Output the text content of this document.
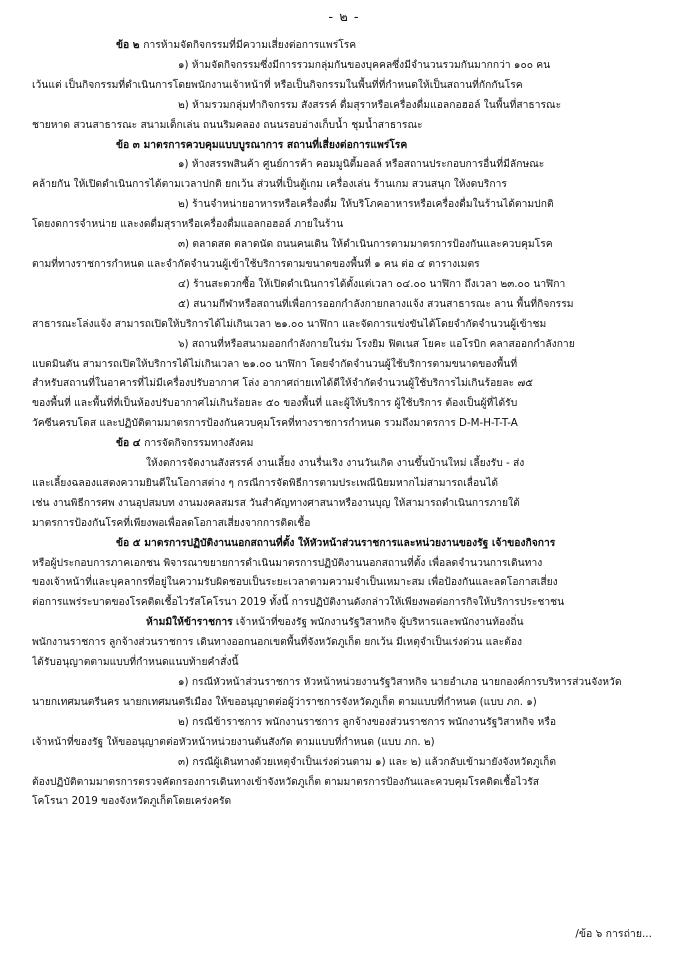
- ๒ -
ข้อ ๒ การห้ามจัดกิจกรรมที่มีความเสี่ยงต่อการแพร่โรค
๑) ห้ามจัดกิจกรรมซึ่งมีการรวมกลุ่มกันของบุคคลซึ่งมีจำนวนรวมกันมากกว่า ๑๐๐ คน
เว้นแต่ เป็นกิจกรรมที่ดำเนินการโดยพนักงานเจ้าหน้าที่ หรือเป็นกิจกรรมในพื้นที่ที่กำหนดให้เป็นสถานที่กักกันโรค
๒) ห้ามรวมกลุ่มทำกิจกรรม สังสรรค์ ดื่มสุราหรือเครื่องดื่มแอลกอฮอล์ ในพื้นที่สาธารณะ
ชายหาด สวนสาธารณะ สนามเด็กเล่น ถนนริมคลอง ถนนรอบอ่างเก็บน้ำ ชุมน้ำสาธารณะ
ข้อ ๓ มาตรการควบคุมแบบบูรณาการ สถานที่เสี่ยงต่อการแพร่โรค
๑) ห้างสรรพสินค้า ศูนย์การค้า คอมมูนิตี้มอลล์ หรือสถานประกอบการอื่นที่มีลักษณะ
คล้ายกัน ให้เปิดดำเนินการได้ตามเวลาปกติ ยกเว้น ส่วนที่เป็นตู้เกม เครื่องเล่น ร้านเกม สวนสนุก ให้งดบริการ
๒) ร้านจำหน่ายอาหารหรือเครื่องดื่ม ให้บริโภคอาหารหรือเครื่องดื่มในร้านได้ตามปกติ
โดยงดการจำหน่าย และงดดื่มสุราหรือเครื่องดื่มแอลกอฮอล์ ภายในร้าน
๓) ตลาดสด ตลาดนัด ถนนคนเดิน ให้ดำเนินการตามมาตรการป้องกันและควบคุมโรค
ตามที่ทางราชการกำหนด และจำกัดจำนวนผู้เข้าใช้บริการตามขนาดของพื้นที่ ๑ คน ต่อ ๔ ตารางเมตร
๔) ร้านสะดวกซื้อ ให้เปิดดำเนินการได้ตั้งแต่เวลา ๐๔.๐๐ นาฬิกา ถึงเวลา ๒๓.๐๐ นาฬิกา
๕) สนามกีฬาหรือสถานที่เพื่อการออกกำลังกายกลางแจ้ง สวนสาธารณะ ลาน พื้นที่กิจกรรม
สาธารณะโล่งแจ้ง สามารถเปิดให้บริการได้ไม่เกินเวลา ๒๑.๐๐ นาฬิกา และจัดการแข่งขันได้โดยจำกัดจำนวนผู้เข้าชม
๖) สถานที่หรือสนามออกกำลังกายในร่ม โรงยิม ฟิตเนส โยคะ แอโรบิก คลาสออกกำลังกาย
แบดมินตัน สามารถเปิดให้บริการได้ไม่เกินเวลา ๒๑.๐๐ นาฬิกา โดยจำกัดจำนวนผู้ใช้บริการตามขนาดของพื้นที่
สำหรับสถานที่ในอาคารที่ไม่มีเครื่องปรับอากาศ โล่ง อากาศถ่ายเทได้ดีให้จำกัดจำนวนผู้ใช้บริการไม่เกินร้อยละ ๗๕
ของพื้นที่ และพื้นที่ที่เป็นห้องปรับอากาศไม่เกินร้อยละ ๕๐ ของพื้นที่ และผู้ให้บริการ ผู้ใช้บริการ ต้องเป็นผู้ที่ได้รับ
วัคซีนครบโดส และปฏิบัติตามมาตรการป้องกันควบคุมโรคที่ทางราชการกำหนด รวมถึงมาตรการ D-M-H-T-T-A
ข้อ ๔ การจัดกิจกรรมทางสังคม
ให้งดการจัดงานสังสรรค์ งานเลี้ยง งานรื่นเริง งานวันเกิด งานขึ้นบ้านใหม่ เลี้ยงรับ - ส่ง
และเลี้ยงฉลองแสดงความยินดีในโอกาสต่าง ๆ กรณีการจัดพิธีการตามประเพณีนิยมหากไม่สามารถเลื่อนได้
เช่น งานพิธีการศพ งานอุปสมบท งานมงคลสมรส วันสำคัญทางศาสนาหรืองานบุญ ให้สามารถดำเนินการภายใต้
มาตรการป้องกันโรคที่เพียงพอเพื่อลดโอกาสเสี่ยงจากการติดเชื้อ
ข้อ ๕ มาตรการปฏิบัติงานนอกสถานที่ตั้ง ให้หัวหน้าส่วนราชการและหน่วยงานของรัฐ เจ้าของกิจการ
หรือผู้ประกอบการภาคเอกชน พิจารณาขยายการดำเนินมาตรการปฏิบัติงานนอกสถานที่ตั้ง เพื่อลดจำนวนการเดินทาง
ของเจ้าหน้าที่และบุคลากรที่อยู่ในความรับผิดชอบเป็นระยะเวลาตามความจำเป็นเหมาะสม เพื่อป้องกันและลดโอกาสเสี่ยง
ต่อการแพร่ระบาดของโรคติดเชื้อไวรัสโคโรนา 2019 ทั้งนี้ การปฏิบัติงานดังกล่าวให้เพียงพอต่อการกิจให้บริการประชาชน
ห้ามมิให้ข้าราชการ เจ้าหน้าที่ของรัฐ พนักงานรัฐวิสาหกิจ ผู้บริหารและพนักงานท้องถิ่น
พนักงานราชการ ลูกจ้างส่วนราชการ เดินทางออกนอกเขตพื้นที่จังหวัดภูเก็ต ยกเว้น มีเหตุจำเป็นเร่งด่วน และต้อง
ได้รับอนุญาตตามแบบที่กำหนดแนบท้ายคำสั่งนี้
๑) กรณีหัวหน้าส่วนราชการ หัวหน้าหน่วยงานรัฐวิสาหกิจ นายอำเภอ นายกองค์การบริหารส่วนจังหวัด
นายกเทศมนตรีนคร นายกเทศมนตรีเมือง ให้ขออนุญาตต่อผู้ว่าราชการจังหวัดภูเก็ต ตามแบบที่กำหนด (แบบ ภก. ๑)
๒) กรณีข้าราชการ พนักงานราชการ ลูกจ้างของส่วนราชการ พนักงานรัฐวิสาหกิจ หรือ
เจ้าหน้าที่ของรัฐ ให้ขออนุญาตต่อหัวหน้าหน่วยงานต้นสังกัด ตามแบบที่กำหนด (แบบ ภก. ๒)
๓) กรณีผู้เดินทางด้วยเหตุจำเป็นเร่งด่วนตาม ๑) และ ๒) แล้วกลับเข้ามายังจังหวัดภูเก็ต
ต้องปฏิบัติตามมาตรการตรวจคัดกรองการเดินทางเข้าจังหวัดภูเก็ต ตามมาตรการป้องกันและควบคุมโรคติดเชื้อไวรัส
โคโรนา 2019 ของจังหวัดภูเก็ตโดยเคร่งครัด
/ข้อ ๖ การถ่าย...
